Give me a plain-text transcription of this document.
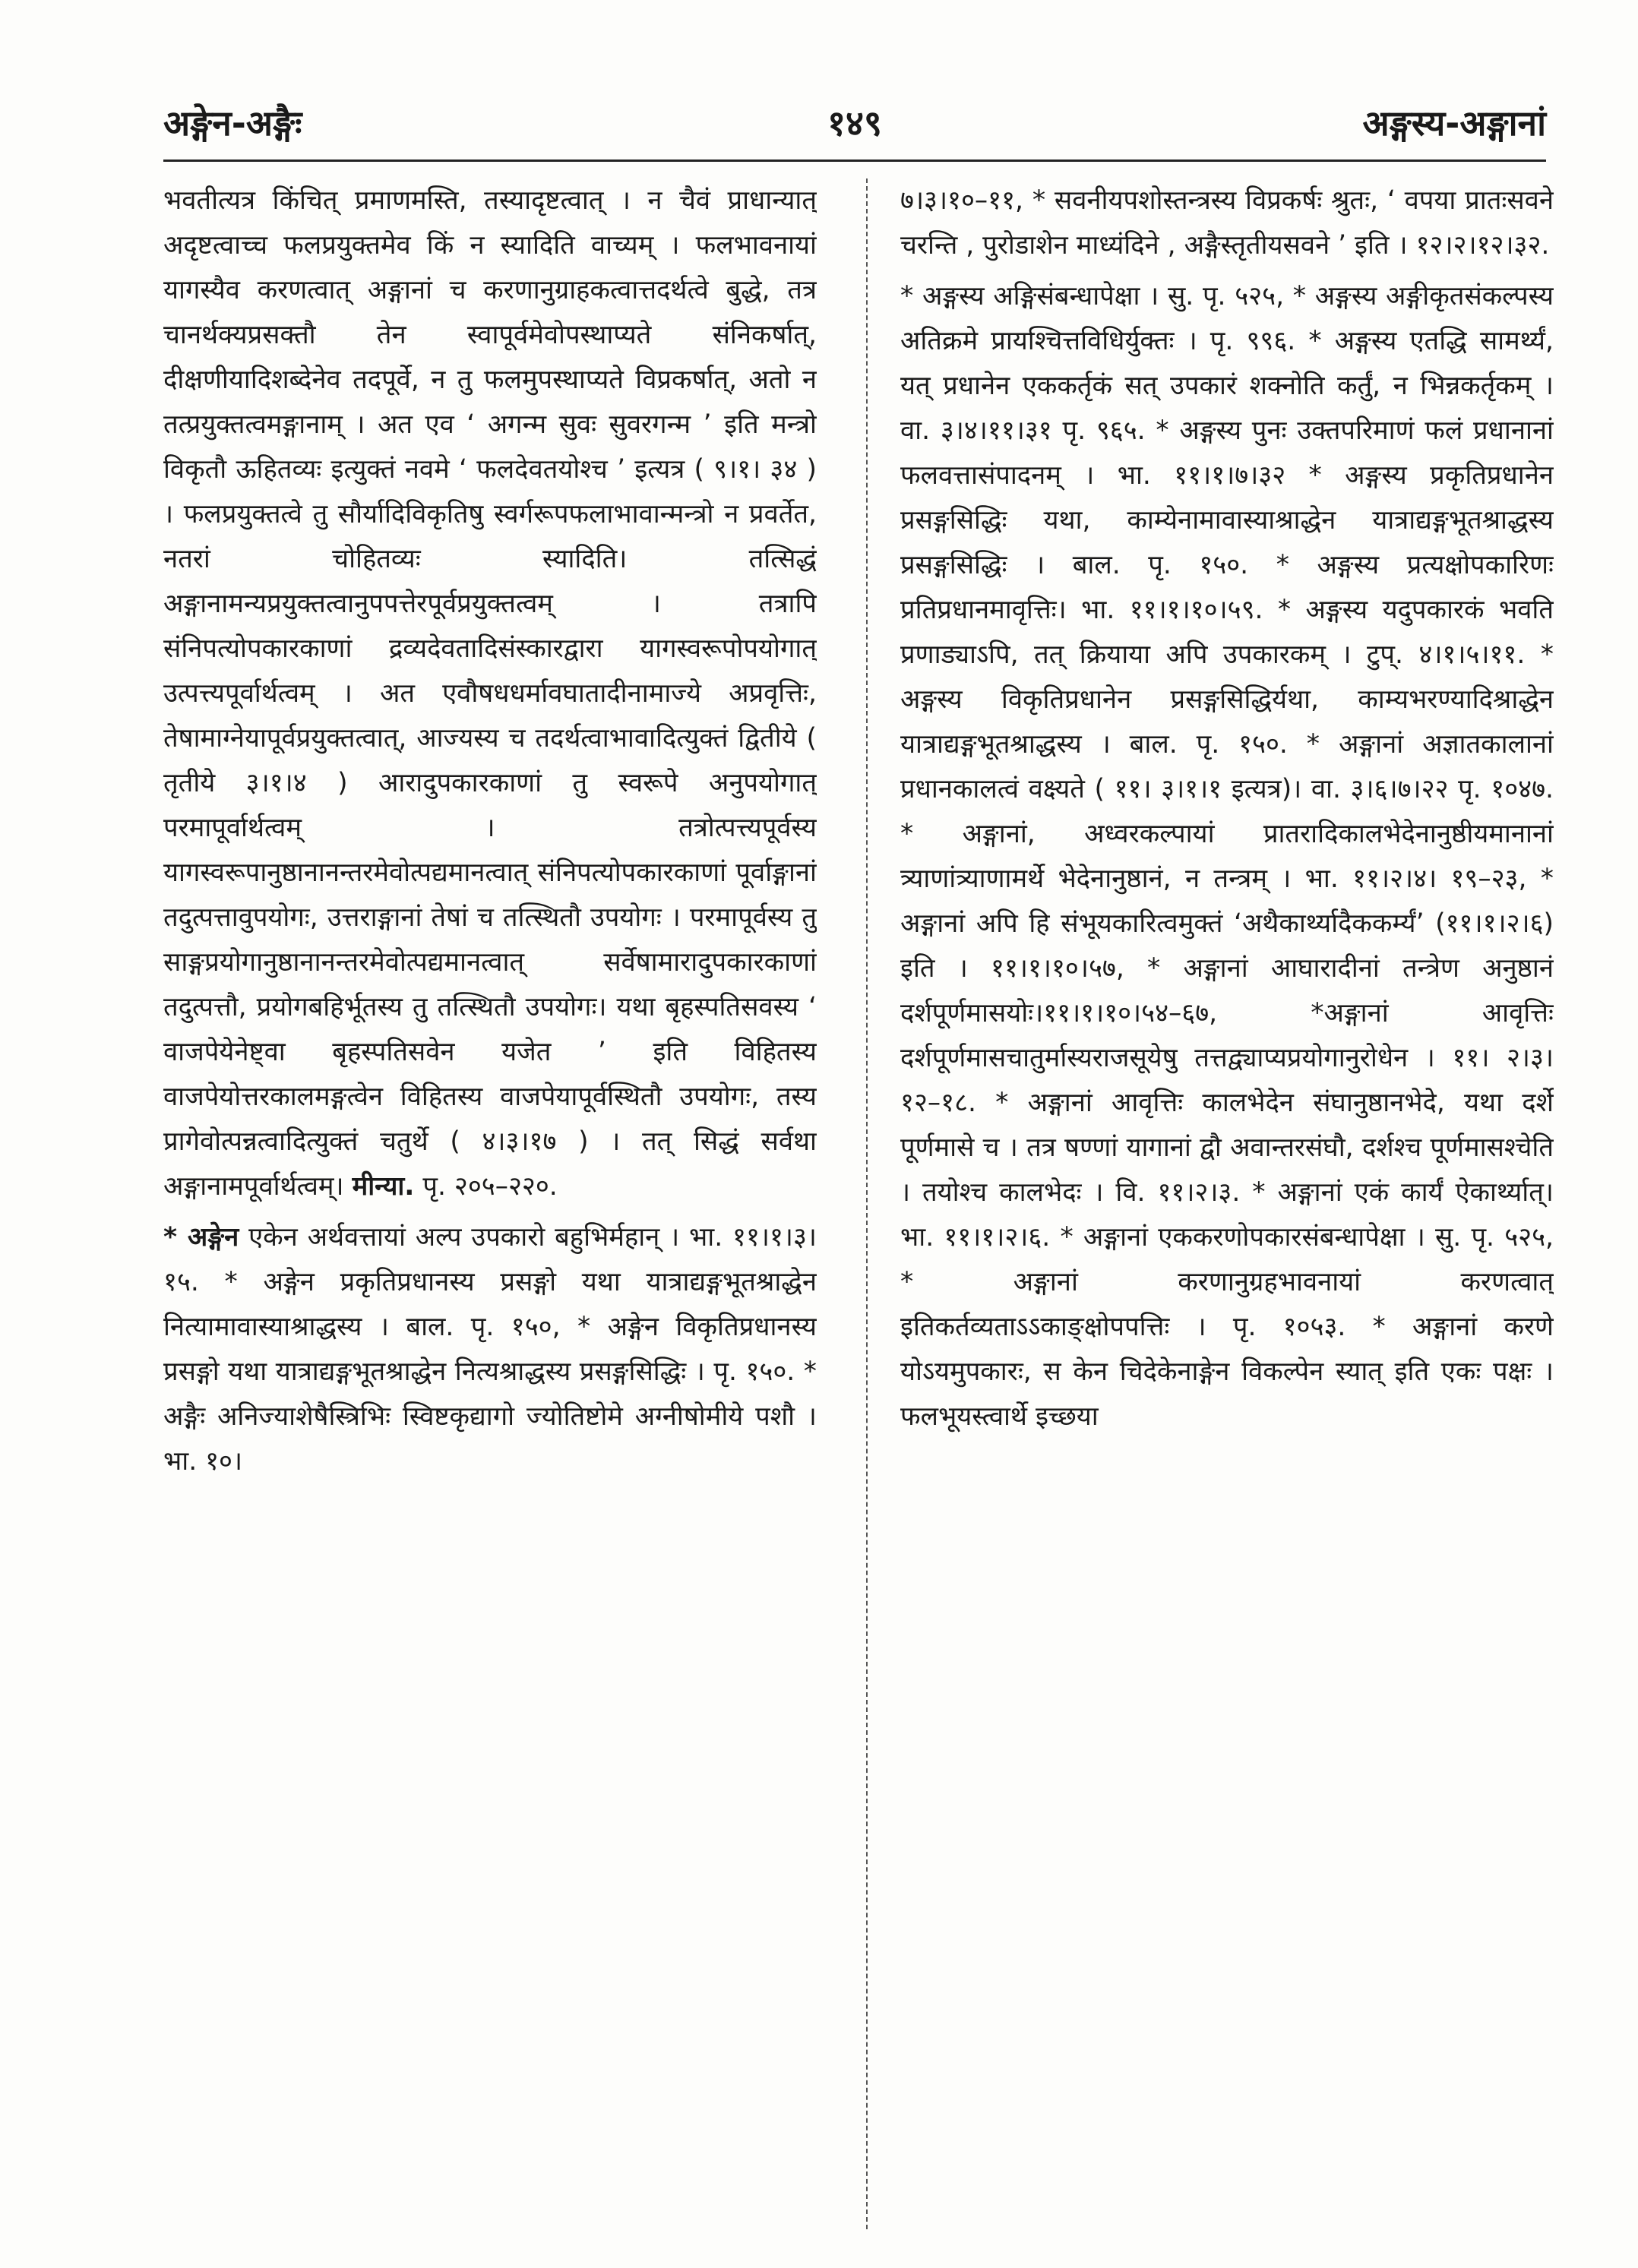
अङ्गेन-अङ्गैः	१४९	अङ्गस्य-अङ्गानां

भवतीत्यत्र किंचित् प्रमाणमस्ति, तस्यादृष्टत्वात् । न चैवं प्राधान्यात् अदृष्टत्वाच्च फलप्रयुक्तमेव किं न स्यादिति वाच्यम् । फलभावनायां यागस्यैव करणत्वात् अङ्गानां च करणानुग्राहकत्वात्तदर्थत्वे बुद्धे, तत्र चानर्थक्यप्रसक्तौ तेन स्वापूर्वमेवोपस्थाप्यते संनिकर्षात्, दीक्षणीयादिशब्देनेव तदपूर्वे, न तु फलमुपस्थाप्यते विप्रकर्षात्, अतो न तत्प्रयुक्तत्वमङ्गानाम् । अत एव ‘ अगन्म सुवः सुवरगन्म ’ इति मन्त्रो विकृतौ ऊहितव्यः इत्युक्तं नवमे ‘ फलदेवतयोश्च ’ इत्यत्र ( ९।१। ३४ ) । फलप्रयुक्तत्वे तु सौर्यादिविकृतिषु स्वर्गरूपफलाभावान्मन्त्रो न प्रवर्तेत, नतरां चोहितव्यः स्यादिति। तत्सिद्धं अङ्गानामन्यप्रयुक्तत्वानुपपत्तेरपूर्वप्रयुक्तत्वम् । तत्रापि संनिपत्योपकारकाणां द्रव्यदेवतादिसंस्कारद्वारा यागस्वरूपोपयोगात् उत्पत्त्यपूर्वार्थत्वम् । अत एवौषधधर्मावघातादीनामाज्ये अप्रवृत्तिः, तेषामाग्नेयापूर्वप्रयुक्तत्वात्, आज्यस्य च तदर्थत्वाभावादित्युक्तं द्वितीये ( तृतीये ३।१।४ ) आरादुपकारकाणां तु स्वरूपे अनुपयोगात् परमापूर्वार्थत्वम् । तत्रोत्पत्त्यपूर्वस्य यागस्वरूपानुष्ठानानन्तरमेवोत्पद्यमानत्वात् संनिपत्योपकारकाणां पूर्वाङ्गानां तदुत्पत्तावुपयोगः, उत्तराङ्गानां तेषां च तत्स्थितौ उपयोगः । परमापूर्वस्य तु साङ्गप्रयोगानुष्ठानानन्तरमेवोत्पद्यमानत्वात् सर्वेषामारादुपकारकाणां तदुत्पत्तौ, प्रयोगबहिर्भूतस्य तु तत्स्थितौ उपयोगः। यथा बृहस्पतिसवस्य ‘ वाजपेयेनेष्ट्वा बृहस्पतिसवेन यजेत ’ इति विहितस्य वाजपेयोत्तरकालमङ्गत्वेन विहितस्य वाजपेयापूर्वस्थितौ उपयोगः, तस्य प्रागेवोत्पन्नत्वादित्युक्तं चतुर्थे ( ४।३।१७ ) । तत् सिद्धं सर्वथा अङ्गानामपूर्वार्थत्वम्। मीन्या. पृ. २०५–२२०.

* अङ्गेन एकेन अर्थवत्तायां अल्प उपकारो बहुभिर्महान् । भा. ११।१।३।१५. * अङ्गेन प्रकृतिप्रधानस्य प्रसङ्गो यथा यात्राद्यङ्गभूतश्राद्धेन नित्यामावास्याश्राद्धस्य । बाल. पृ. १५०, * अङ्गेन विकृतिप्रधानस्य प्रसङ्गो यथा यात्राद्यङ्गभूतश्राद्धेन नित्यश्राद्धस्य प्रसङ्गसिद्धिः । पृ. १५०. * अङ्गैः अनिज्याशेषैस्त्रिभिः स्विष्टकृद्यागो ज्योतिष्टोमे अग्नीषोमीये पशौ । भा. १०।

७।३।१०–११, * सवनीयपशोस्तन्त्रस्य विप्रकर्षः श्रुतः, ‘ वपया प्रातःसवने चरन्ति , पुरोडाशेन माध्यंदिने , अङ्गैस्तृतीयसवने ’ इति । १२।२।१२।३२.

* अङ्गस्य अङ्गिसंबन्धापेक्षा । सु. पृ. ५२५, * अङ्गस्य अङ्गीकृतसंकल्पस्य अतिक्रमे प्रायश्चित्तविधिर्युक्तः । पृ. ९९६. * अङ्गस्य एतद्धि सामर्थ्यं, यत् प्रधानेन एककर्तृकं सत् उपकारं शक्नोति कर्तुं, न भिन्नकर्तृकम् । वा. ३।४।११।३१ पृ. ९६५. * अङ्गस्य पुनः उक्तपरिमाणं फलं प्रधानानां फलवत्तासंपादनम् । भा. ११।१।७।३२ * अङ्गस्य प्रकृतिप्रधानेन प्रसङ्गसिद्धिः यथा, काम्येनामावास्याश्राद्धेन यात्राद्यङ्गभूतश्राद्धस्य प्रसङ्गसिद्धिः । बाल. पृ. १५०. * अङ्गस्य प्रत्यक्षोपकारिणः प्रतिप्रधानमावृत्तिः। भा. ११।१।१०।५९. * अङ्गस्य यदुपकारकं भवति प्रणाड्याऽपि, तत् क्रियाया अपि उपकारकम् । टुप्. ४।१।५।११. * अङ्गस्य विकृतिप्रधानेन प्रसङ्गसिद्धिर्यथा, काम्यभरण्यादिश्राद्धेन यात्राद्यङ्गभूतश्राद्धस्य । बाल. पृ. १५०. * अङ्गानां अज्ञातकालानां प्रधानकालत्वं वक्ष्यते ( ११। ३।१।१ इत्यत्र)। वा. ३।६।७।२२ पृ. १०४७. * अङ्गानां, अध्वरकल्पायां प्रातरादिकालभेदेनानुष्ठीयमानानां त्र्याणांत्र्याणामर्थे भेदेनानुष्ठानं, न तन्त्रम् । भा. ११।२।४। १९–२३, * अङ्गानां अपि हि संभूयकारित्वमुक्तं ‘अथैकार्थ्यादैककर्म्यं’ (११।१।२।६) इति । ११।१।१०।५७, * अङ्गानां आघारादीनां तन्त्रेण अनुष्ठानं दर्शपूर्णमासयोः।११।१।१०।५४–६७, *अङ्गानां आवृत्तिः दर्शपूर्णमासचातुर्मास्यराजसूयेषु तत्तद्व्याप्यप्रयोगानुरोधेन । ११। २।३।१२–१८. * अङ्गानां आवृत्तिः कालभेदेन संघानुष्ठानभेदे, यथा दर्शे पूर्णमासे च । तत्र षण्णां यागानां द्वौ अवान्तरसंघौ, दर्शश्च पूर्णमासश्चेति । तयोश्च कालभेदः । वि. ११।२।३. * अङ्गानां एकं कार्यं ऐकार्थ्यात्। भा. ११।१।२।६. * अङ्गानां एककरणोपकारसंबन्धापेक्षा । सु. पृ. ५२५, * अङ्गानां करणानुग्रहभावनायां करणत्वात् इतिकर्तव्यताऽऽकाङ्क्षोपपत्तिः । पृ. १०५३. * अङ्गानां करणे योऽयमुपकारः, स केन चिदेकेनाङ्गेन विकल्पेन स्यात् इति एकः पक्षः । फलभूयस्त्वार्थे इच्छया
